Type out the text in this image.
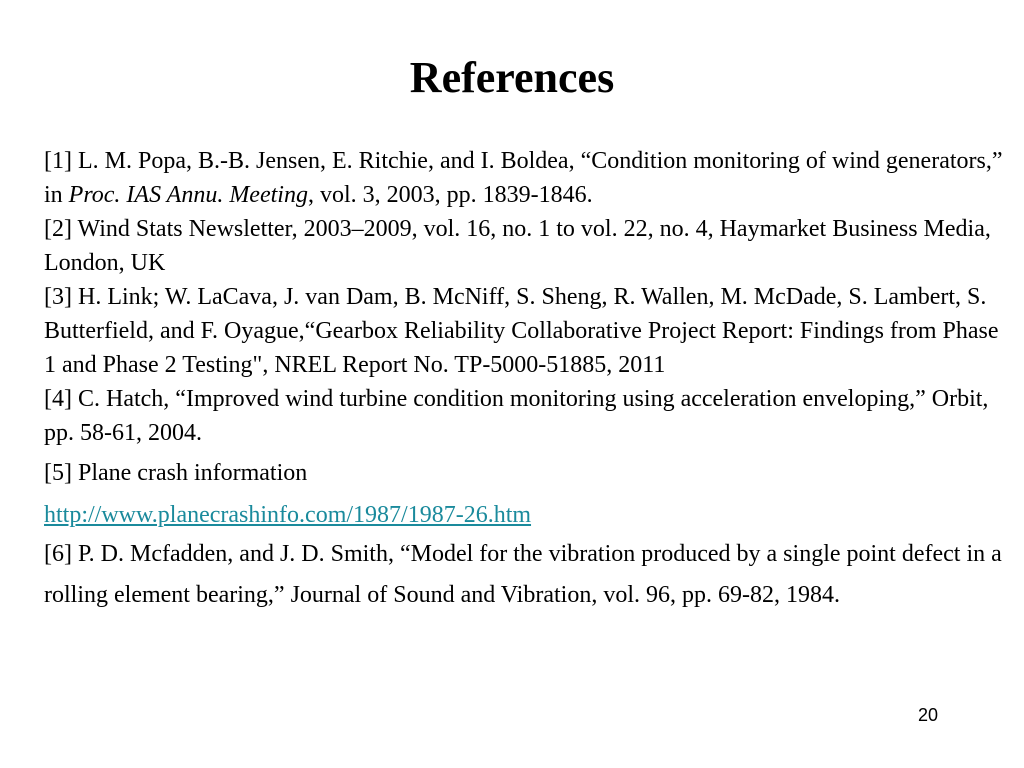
References

[1] L. M. Popa, B.-B. Jensen, E. Ritchie, and I. Boldea, “Condition monitoring of wind generators,” in Proc. IAS Annu. Meeting, vol. 3, 2003, pp. 1839-1846.

[2] Wind Stats Newsletter, 2003–2009, vol. 16, no. 1 to vol. 22, no. 4, Haymarket Business Media, London, UK

[3] H. Link; W. LaCava, J. van Dam, B. McNiff, S. Sheng, R. Wallen, M. McDade, S. Lambert, S. Butterfield, and F. Oyague,“Gearbox Reliability Collaborative Project Report: Findings from Phase 1 and Phase 2 Testing", NREL Report No. TP-5000-51885, 2011

[4] C. Hatch, “Improved wind turbine condition monitoring using acceleration enveloping,” Orbit, pp. 58-61, 2004.

[5] Plane crash information

http://www.planecrashinfo.com/1987/1987-26.htm

[6] P. D. Mcfadden, and J. D. Smith, “Model for the vibration produced by a single point defect in a rolling element bearing,” Journal of Sound and Vibration, vol. 96, pp. 69-82, 1984.

20
